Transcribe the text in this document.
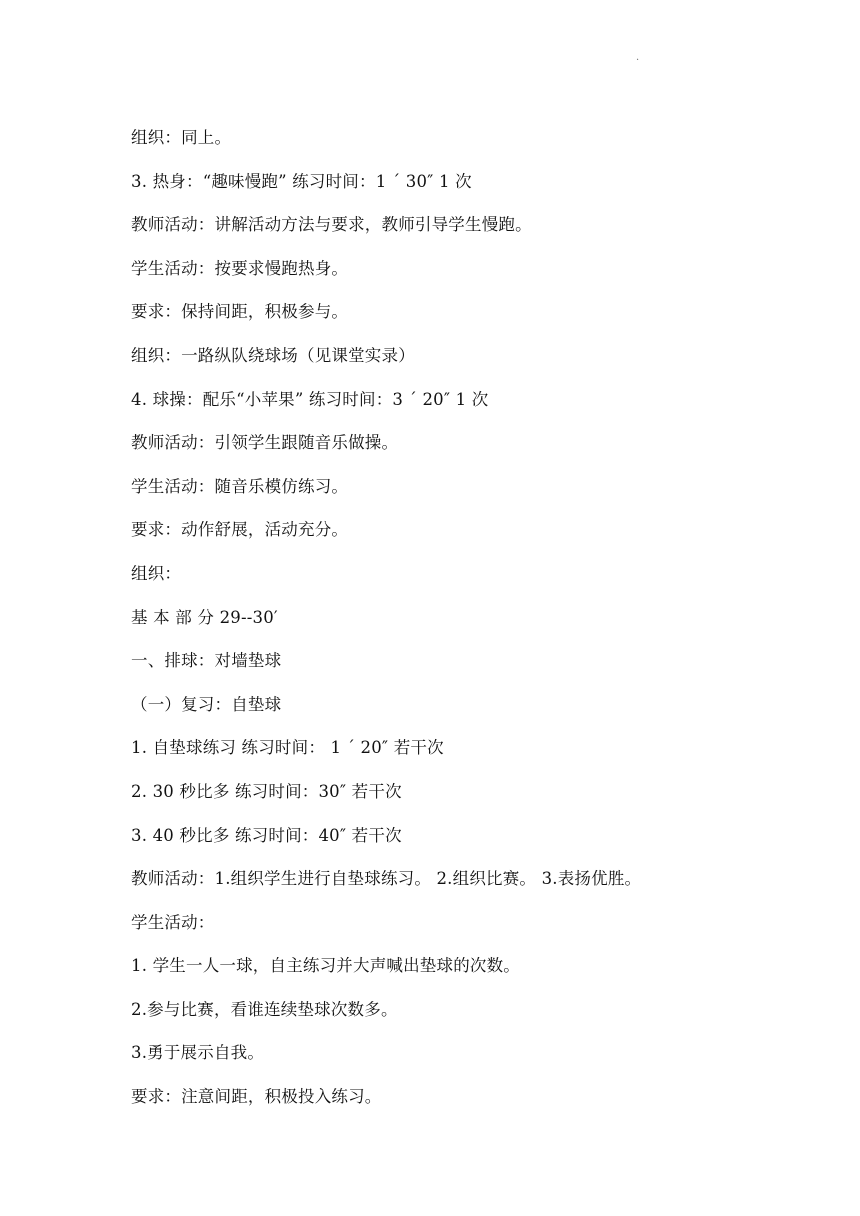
·
组织：同上。
3. 热身：“趣味慢跑” 练习时间：1 ΄ 30″ 1 次
教师活动：讲解活动方法与要求，教师引导学生慢跑。
学生活动：按要求慢跑热身。
要求：保持间距，积极参与。
组织：一路纵队绕球场（见课堂实录）
4. 球操：配乐“小苹果” 练习时间：3 ΄ 20″ 1 次
教师活动：引领学生跟随音乐做操。
学生活动：随音乐模仿练习。
要求：动作舒展，活动充分。
组织：
基 本 部 分 29--30′
一、排球：对墙垫球
（一）复习：自垫球
1. 自垫球练习 练习时间： 1 ΄ 20″ 若干次
2. 30 秒比多 练习时间：30″ 若干次
3. 40 秒比多 练习时间：40″ 若干次
教师活动：1.组织学生进行自垫球练习。 2.组织比赛。 3.表扬优胜。
学生活动：
1. 学生一人一球，自主练习并大声喊出垫球的次数。
2.参与比赛，看谁连续垫球次数多。
3.勇于展示自我。
要求：注意间距，积极投入练习。
